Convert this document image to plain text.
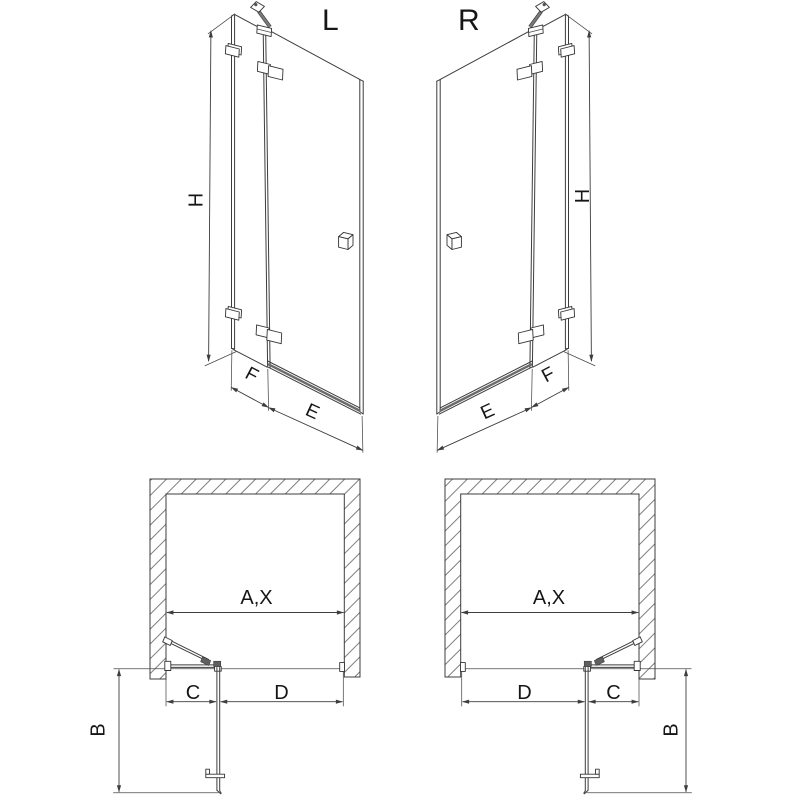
L	R
H	H
F
E
F
E
A,X	A,X
C	D	D	C
B	B
